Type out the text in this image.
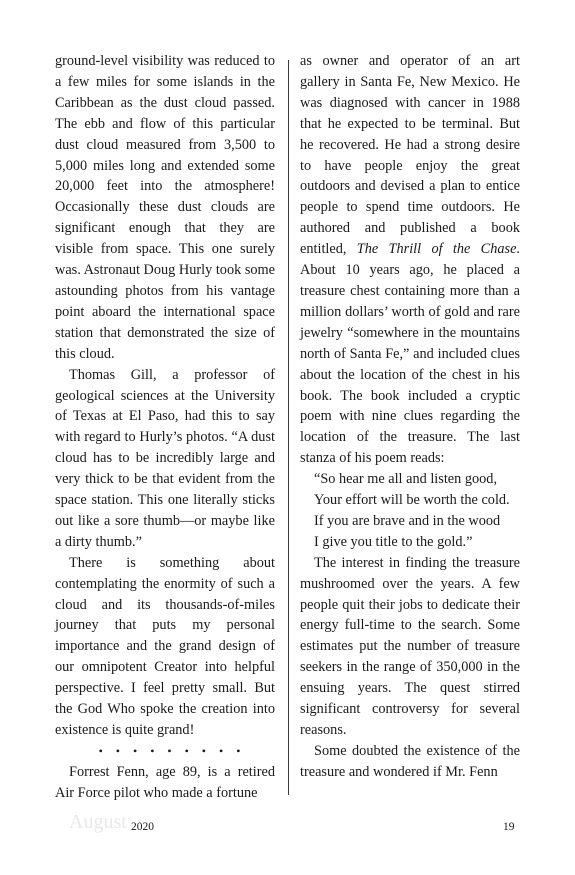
ground-level visibility was reduced to a few miles for some islands in the Caribbean as the dust cloud passed. The ebb and flow of this particular dust cloud measured from 3,500 to 5,000 miles long and extended some 20,000 feet into the atmosphere! Occasionally these dust clouds are significant enough that they are visible from space. This one surely was. Astronaut Doug Hurly took some astounding photos from his vantage point aboard the international space station that demonstrated the size of this cloud.

Thomas Gill, a professor of geological sciences at the University of Texas at El Paso, had this to say with regard to Hurly’s photos. “A dust cloud has to be incredibly large and very thick to be that evident from the space station. This one literally sticks out like a sore thumb—or maybe like a dirty thumb.”

There is something about contemplating the enormity of such a cloud and its thousands-of-miles journey that puts my personal importance and the grand design of our omnipotent Creator into helpful perspective. I feel pretty small. But the God Who spoke the creation into existence is quite grand!

• • • • • • • • •

Forrest Fenn, age 89, is a retired Air Force pilot who made a fortune

as owner and operator of an art gallery in Santa Fe, New Mexico. He was diagnosed with cancer in 1988 that he expected to be terminal. But he recovered. He had a strong desire to have people enjoy the great outdoors and devised a plan to entice people to spend time outdoors. He authored and published a book entitled, The Thrill of the Chase. About 10 years ago, he placed a treasure chest containing more than a million dollars’ worth of gold and rare jewelry “somewhere in the mountains north of Santa Fe,” and included clues about the location of the chest in his book. The book included a cryptic poem with nine clues regarding the location of the treasure. The last stanza of his poem reads:

“So hear me all and listen good,
Your effort will be worth the cold.
If you are brave and in the wood
I give you title to the gold.”

The interest in finding the treasure mushroomed over the years. A few people quit their jobs to dedicate their energy full-time to the search. Some estimates put the number of treasure seekers in the range of 350,000 in the ensuing years. The quest stirred significant controversy for several reasons.

Some doubted the existence of the treasure and wondered if Mr. Fenn

August 2020	19
